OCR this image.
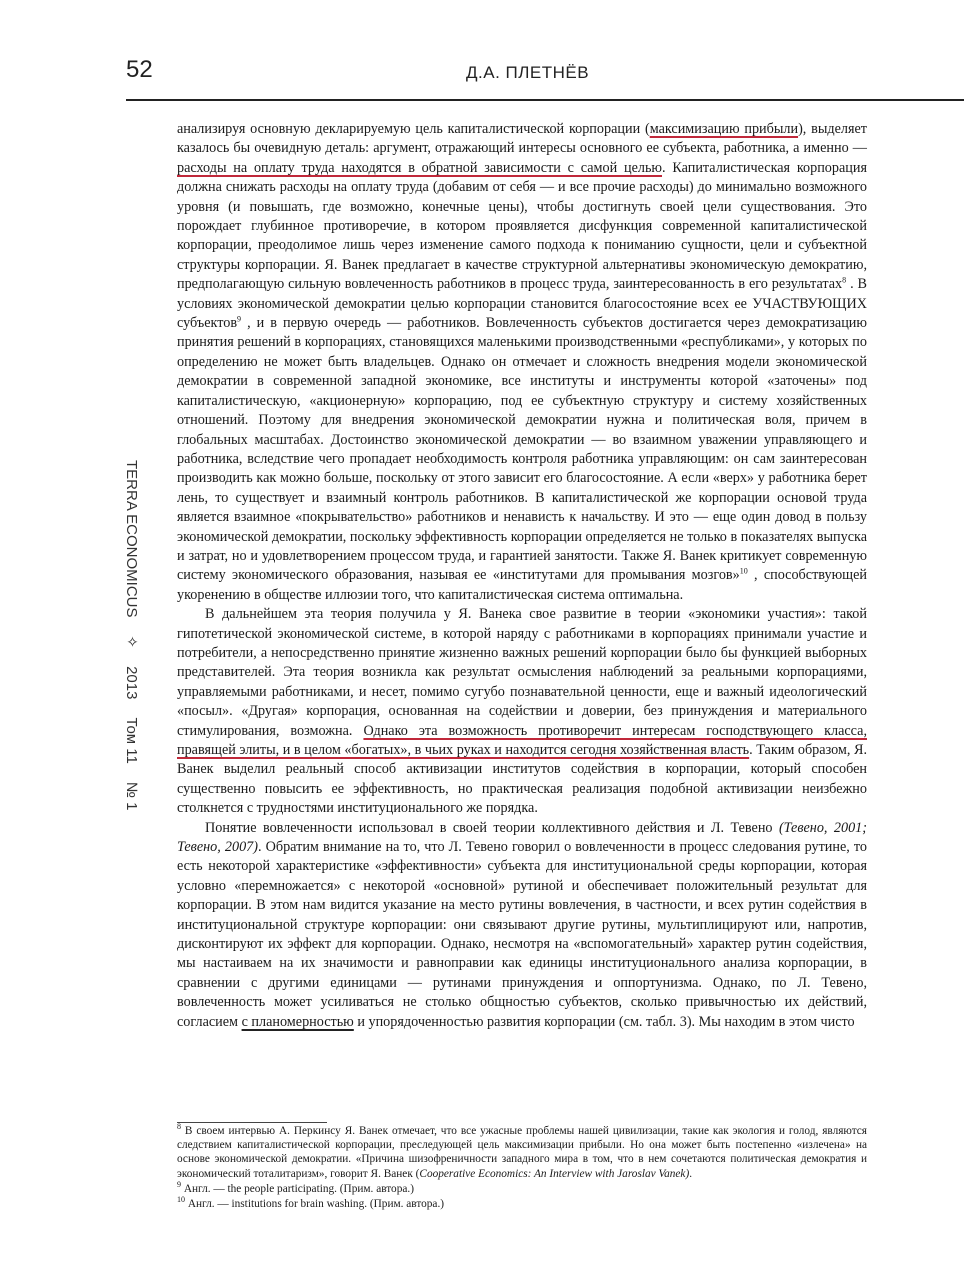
52	Д.А. ПЛЕТНЁВ
TERRA ECONOMICUS
✧
2013
Том 11
№ 1

анализируя основную декларируемую цель капиталистической корпорации (максимизацию прибыли), выделяет казалось бы очевидную деталь: аргумент, отражающий интересы основного ее субъекта, работника, а именно — расходы на оплату труда находятся в обратной зависимости с самой целью. Капиталистическая корпорация должна снижать расходы на оплату труда (добавим от себя — и все прочие расходы) до минимально возможного уровня (и повышать, где возможно, конечные цены), чтобы достигнуть своей цели существования. Это порождает глубинное противоречие, в котором проявляется дисфункция современной капиталистической корпорации, преодолимое лишь через изменение самого подхода к пониманию сущности, цели и субъектной структуры корпорации. Я. Ванек предлагает в качестве структурной альтернативы экономическую демократию, предполагающую сильную вовлеченность работников в процесс труда, заинтересованность в его результатах$^8$ . В условиях экономической демократии целью корпорации становится благосостояние всех ее УЧАСТВУЮЩИХ субъектов$^9$ , и в первую очередь — работников. Вовлеченность субъектов достигается через демократизацию принятия решений в корпорациях, становящихся маленькими производственными «республиками», у которых по определению не может быть владельцев. Однако он отмечает и сложность внедрения модели экономической демократии в современной западной экономике, все институты и инструменты которой «заточены» под капиталистическую, «акционерную» корпорацию, под ее субъектную структуру и систему хозяйственных отношений. Поэтому для внедрения экономической демократии нужна и политическая воля, причем в глобальных масштабах. Достоинство экономической демократии — во взаимном уважении управляющего и работника, вследствие чего пропадает необходимость контроля работника управляющим: он сам заинтересован производить как можно больше, поскольку от этого зависит его благосостояние. А если «верх» у работника берет лень, то существует и взаимный контроль работников. В капиталистической же корпорации основой труда является взаимное «покрывательство» работников и ненависть к начальству. И это — еще один довод в пользу экономической демократии, поскольку эффективность корпорации определяется не только в показателях выпуска и затрат, но и удовлетворением процессом труда, и гарантией занятости. Также Я. Ванек критикует современную систему экономического образования, называя ее «институтами для промывания мозгов»$^{10}$ , способствующей укоренению в обществе иллюзии того, что капиталистическая система оптимальна.

В дальнейшем эта теория получила у Я. Ванека свое развитие в теории «экономики участия»: такой гипотетической экономической системе, в которой наряду с работниками в корпорациях принимали участие и потребители, а непосредственно принятие жизненно важных решений корпорации было бы функцией выборных представителей. Эта теория возникла как результат осмысления наблюдений за реальными корпорациями, управляемыми работниками, и несет, помимо сугубо познавательной ценности, еще и важный идеологический «посыл». «Другая» корпорация, основанная на содействии и доверии, без принуждения и материального стимулирования, возможна. Однако эта возможность противоречит интересам господствующего класса, правящей элиты, и в целом «богатых», в чьих руках и находится сегодня хозяйственная власть. Таким образом, Я. Ванек выделил реальный способ активизации институтов содействия в корпорации, который способен существенно повысить ее эффективность, но практическая реализация подобной активизации неизбежно столкнется с трудностями институционального же порядка.

Понятие вовлеченности использовал в своей теории коллективного действия и Л. Тевено (Тевено, 2001; Тевено, 2007). Обратим внимание на то, что Л. Тевено говорил о вовлеченности в процесс следования рутине, то есть некоторой характеристике «эффективности» субъекта для институциональной среды корпорации, которая условно «перемножается» с некоторой «основной» рутиной и обеспечивает положительный результат для корпорации. В этом нам видится указание на место рутины вовлечения, в частности, и всех рутин содействия в институциональной структуре корпорации: они связывают другие рутины, мультиплицируют или, напротив, дисконтируют их эффект для корпорации. Однако, несмотря на «вспомогательный» характер рутин содействия, мы настаиваем на их значимости и равноправии как единицы институционального анализа корпорации, в сравнении с другими единицами — рутинами принуждения и оппортунизма. Однако, по Л. Тевено, вовлеченность может усиливаться не столько общностью субъектов, сколько привычностью их действий, согласием с планомерностью и упорядоченностью развития корпорации (см. табл. 3). Мы находим в этом чисто

$^8$ В своем интервью А. Перкинсу Я. Ванек отмечает, что все ужасные проблемы нашей цивилизации, такие как экология и голод, являются следствием капиталистической корпорации, преследующей цель максимизации прибыли. Но она может быть постепенно «излечена» на основе экономической демократии. «Причина шизофреничности западного мира в том, что в нем сочетаются политическая демократия и экономический тоталитаризм», говорит Я. Ванек (Cooperative Economics: An Interview with Jaroslav Vanek).

$^9$ Англ. — the people participating. (Прим. автора.)

$^{10}$ Англ. — institutions for brain washing. (Прим. автора.)
